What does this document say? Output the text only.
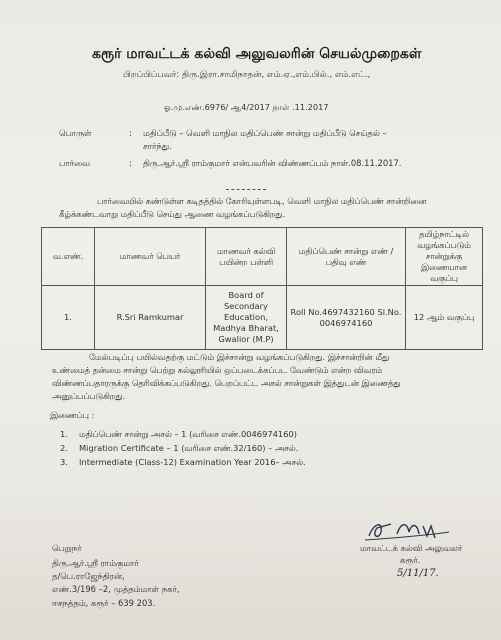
கரூர் மாவட்டக் கல்வி அலுவலரின் செயல்முறைகள்
பிறப்பிப்பவர்: திரு.இரா.சாமிநாதன், எம்.ஏ.,எம்.பில்., எம்.எட்.,
ஓ.மு.எண்.6976/ ஆ4/2017 நாள் .11.2017
பொருள்	: மதிப்பீடு – வெளி மாநில மதிப்பெண் சான்று மதிப்பீடு செய்தல் –
சார்ந்து.
பார்வை	: திரு.ஆர்.ஸ்ரீ ராம்குமார் என்பவரின் விண்ணப்பம் நாள்.08.11.2017.
பார்வையில் கண்டுள்ள கடிதத்தில் கோரியுள்ளபடி, வெளி மாநில மதிப்பெண் சான்றினை
கீழ்க்கண்டவாறு மதிப்பீடு செய்து ஆணை வழங்கப்படுகிறது.
வ.எண்.	மாணவர் பெயர்	மாணவர் கல்வி பயின்ற பள்ளி	மதிப்பெண் சான்று எண் / பதிவு எண்	தமிழ்நாட்டில் வழங்கப்படும் சான்றுக்கு இணையான வகுப்பு
1.	R.Sri Ramkumar	Board of Secondary Education, Madhya Bharat, Gwalior (M.P)	Roll No.4697432160 Sl.No. 0046974160	12 ஆம் வகுப்பு
மேல்படிப்பு பயில்வதற்கு மட்டும் இச்சான்று வழங்கப்படுகிறது. இச்சான்றின் மீது
உண்மைத் தன்மை சான்று பெற்று கல்லூரியில் ஒப்படைக்கப்பட வேண்டும் என்ற விவரம்
விண்ணப்பதாரருக்கு தெரிவிக்கப்படுகிறது. பெறப்பட்ட அசல் சான்றுகள் இத்துடன் இணைத்து
அனுப்பப்படுகிறது.
இணைப்பு :
1. மதிப்பெண் சான்று அசல் – 1 (வரிசை எண்.0046974160)
2. Migration Certificate – 1 (வரிசை எண்.32/160) – அசல்.
3. Intermediate (Class-12) Examination Year 2016– அசல்.
மாவட்டக் கல்வி அலுவலர்
கரூர்.
5/11/17.
பெறுநர்
திரு.ஆர்.ஸ்ரீ ராம்குமார்
த/பெ.ராஜேந்திரன்,
எண்.3/196 –2, முத்தம்மாள் நகர்,
ஈசநத்தம், கரூர் – 639 203.
